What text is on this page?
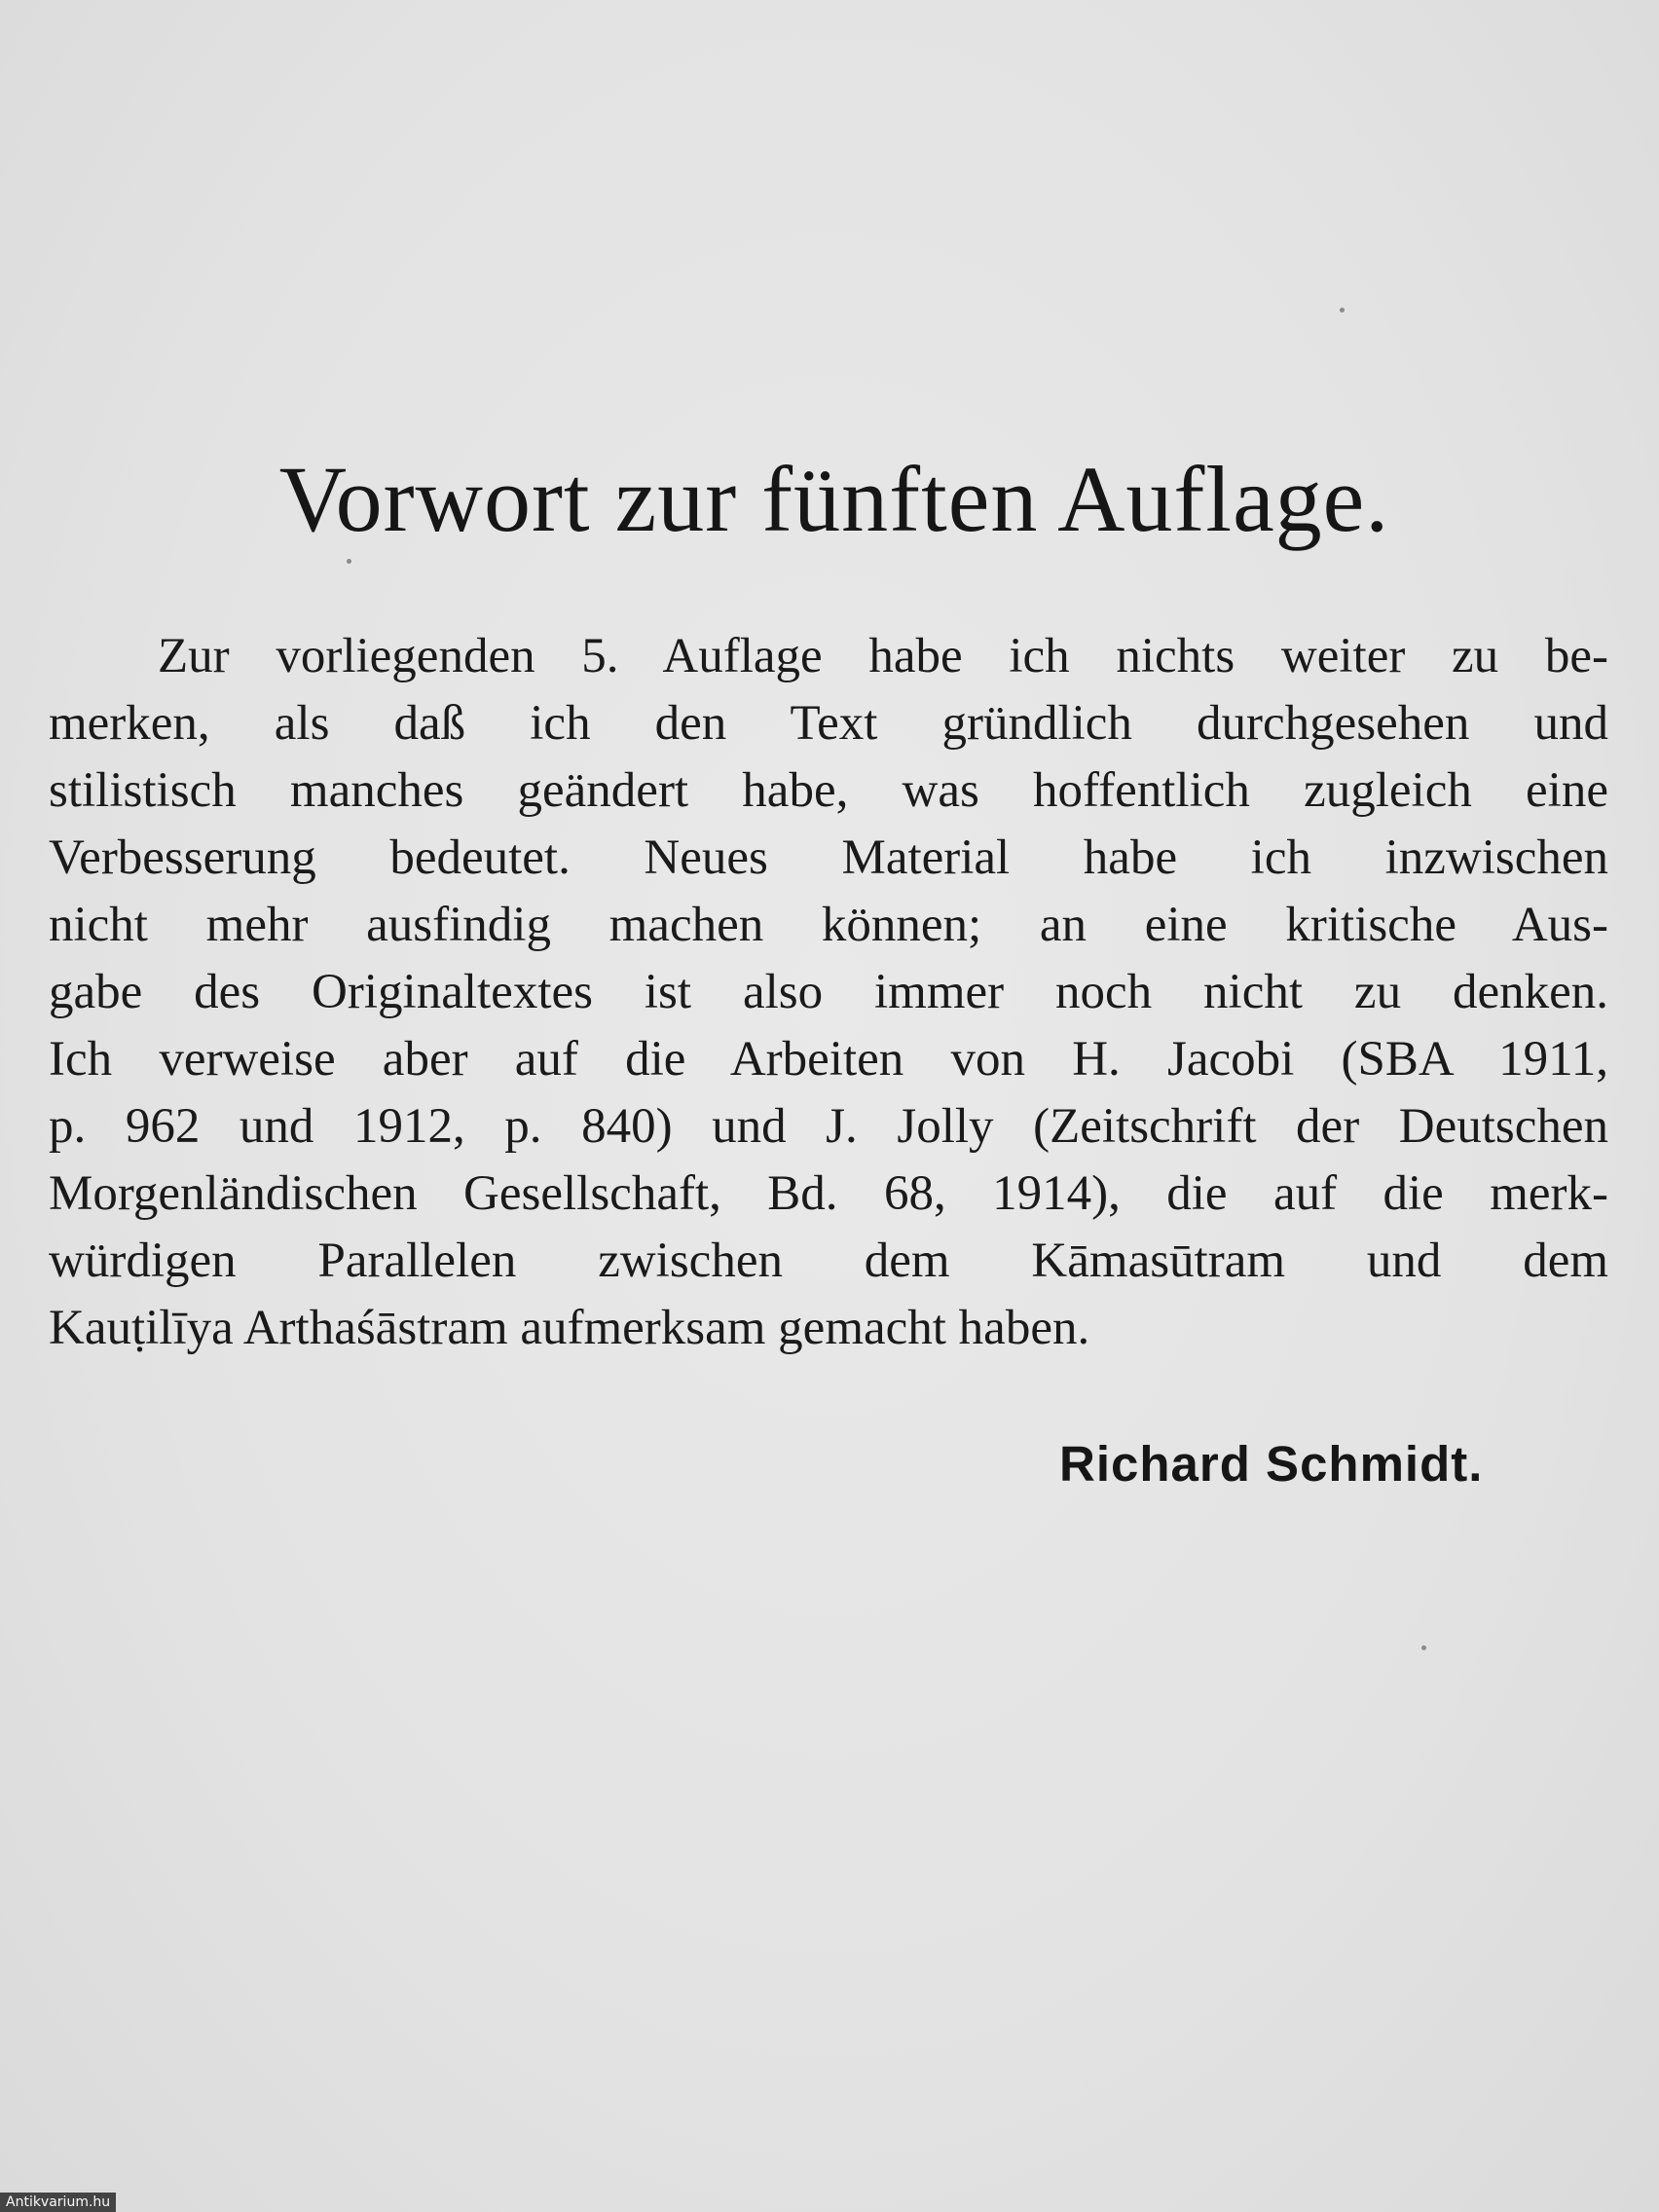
Vorwort zur fünften Auflage.
Zur vorliegenden 5. Auflage habe ich nichts weiter zu be-
merken, als daß ich den Text gründlich durchgesehen und
stilistisch manches geändert habe, was hoffentlich zugleich eine
Verbesserung bedeutet. Neues Material habe ich inzwischen
nicht mehr ausfindig machen können; an eine kritische Aus-
gabe des Originaltextes ist also immer noch nicht zu denken.
Ich verweise aber auf die Arbeiten von H. Jacobi (SBA 1911,
p. 962 und 1912, p. 840) und J. Jolly (Zeitschrift der Deutschen
Morgenländischen Gesellschaft, Bd. 68, 1914), die auf die merk-
würdigen Parallelen zwischen dem Kāmasūtram und dem
Kauṭilīya Arthaśāstram aufmerksam gemacht haben.
Richard Schmidt.
Antikvarium.hu
